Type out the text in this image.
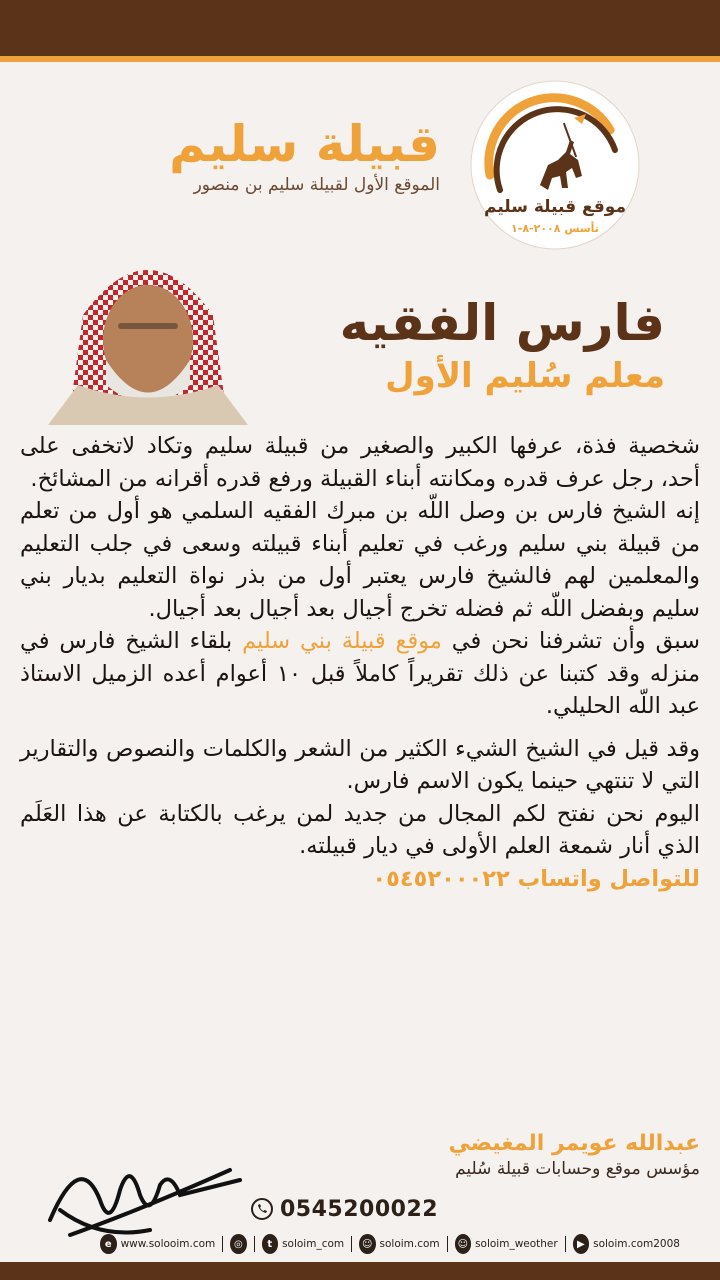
موقع قبيلة سليم
تأسس ٢٠٠٨-٨-١
قبيلة سليم
الموقع الأول لقبيلة سليم بن منصور
فارس الفقيه
معلم سُليم الأول

شخصية فذة، عرفها الكبير والصغير من قبيلة سليم وتكاد لاتخفى على أحد، رجل عرف قدره ومكانته أبناء القبيلة ورفع قدره أقرانه من المشائخ.

إنه الشيخ فارس بن وصل اللّه بن مبرك الفقيه السلمي هو أول من تعلم من قبيلة بني سليم ورغب في تعليم أبناء قبيلته وسعى في جلب التعليم والمعلمين لهم فالشيخ فارس يعتبر أول من بذر نواة التعليم بديار بني سليم وبفضل اللّه ثم فضله تخرج أجيال بعد أجيال بعد أجيال.

سبق وأن تشرفنا نحن في موقع قبيلة بني سليم بلقاء الشيخ فارس في منزله وقد كتبنا عن ذلك تقريراً كاملاً قبل ١٠ أعوام أعده الزميل الاستاذ عبد اللّه الحليلي.

وقد قيل في الشيخ الشيء الكثير من الشعر والكلمات والنصوص والتقارير التي لا تنتهي حينما يكون الاسم فارس.

اليوم نحن نفتح لكم المجال من جديد لمن يرغب بالكتابة عن هذا العَلَم الذي أنار شمعة العلم الأولى في ديار قبيلته.

للتواصل واتساب ٠٥٤٥٢٠٠٠٢٢

عبدالله عويمر المغيضي
مؤسس موقع وحسابات قبيلة سُليم
0545200022
e www.solooim.com	◎	t soloim_com	☺ soloim.com	☺ soloim_weother	▶ soloim.com2008
